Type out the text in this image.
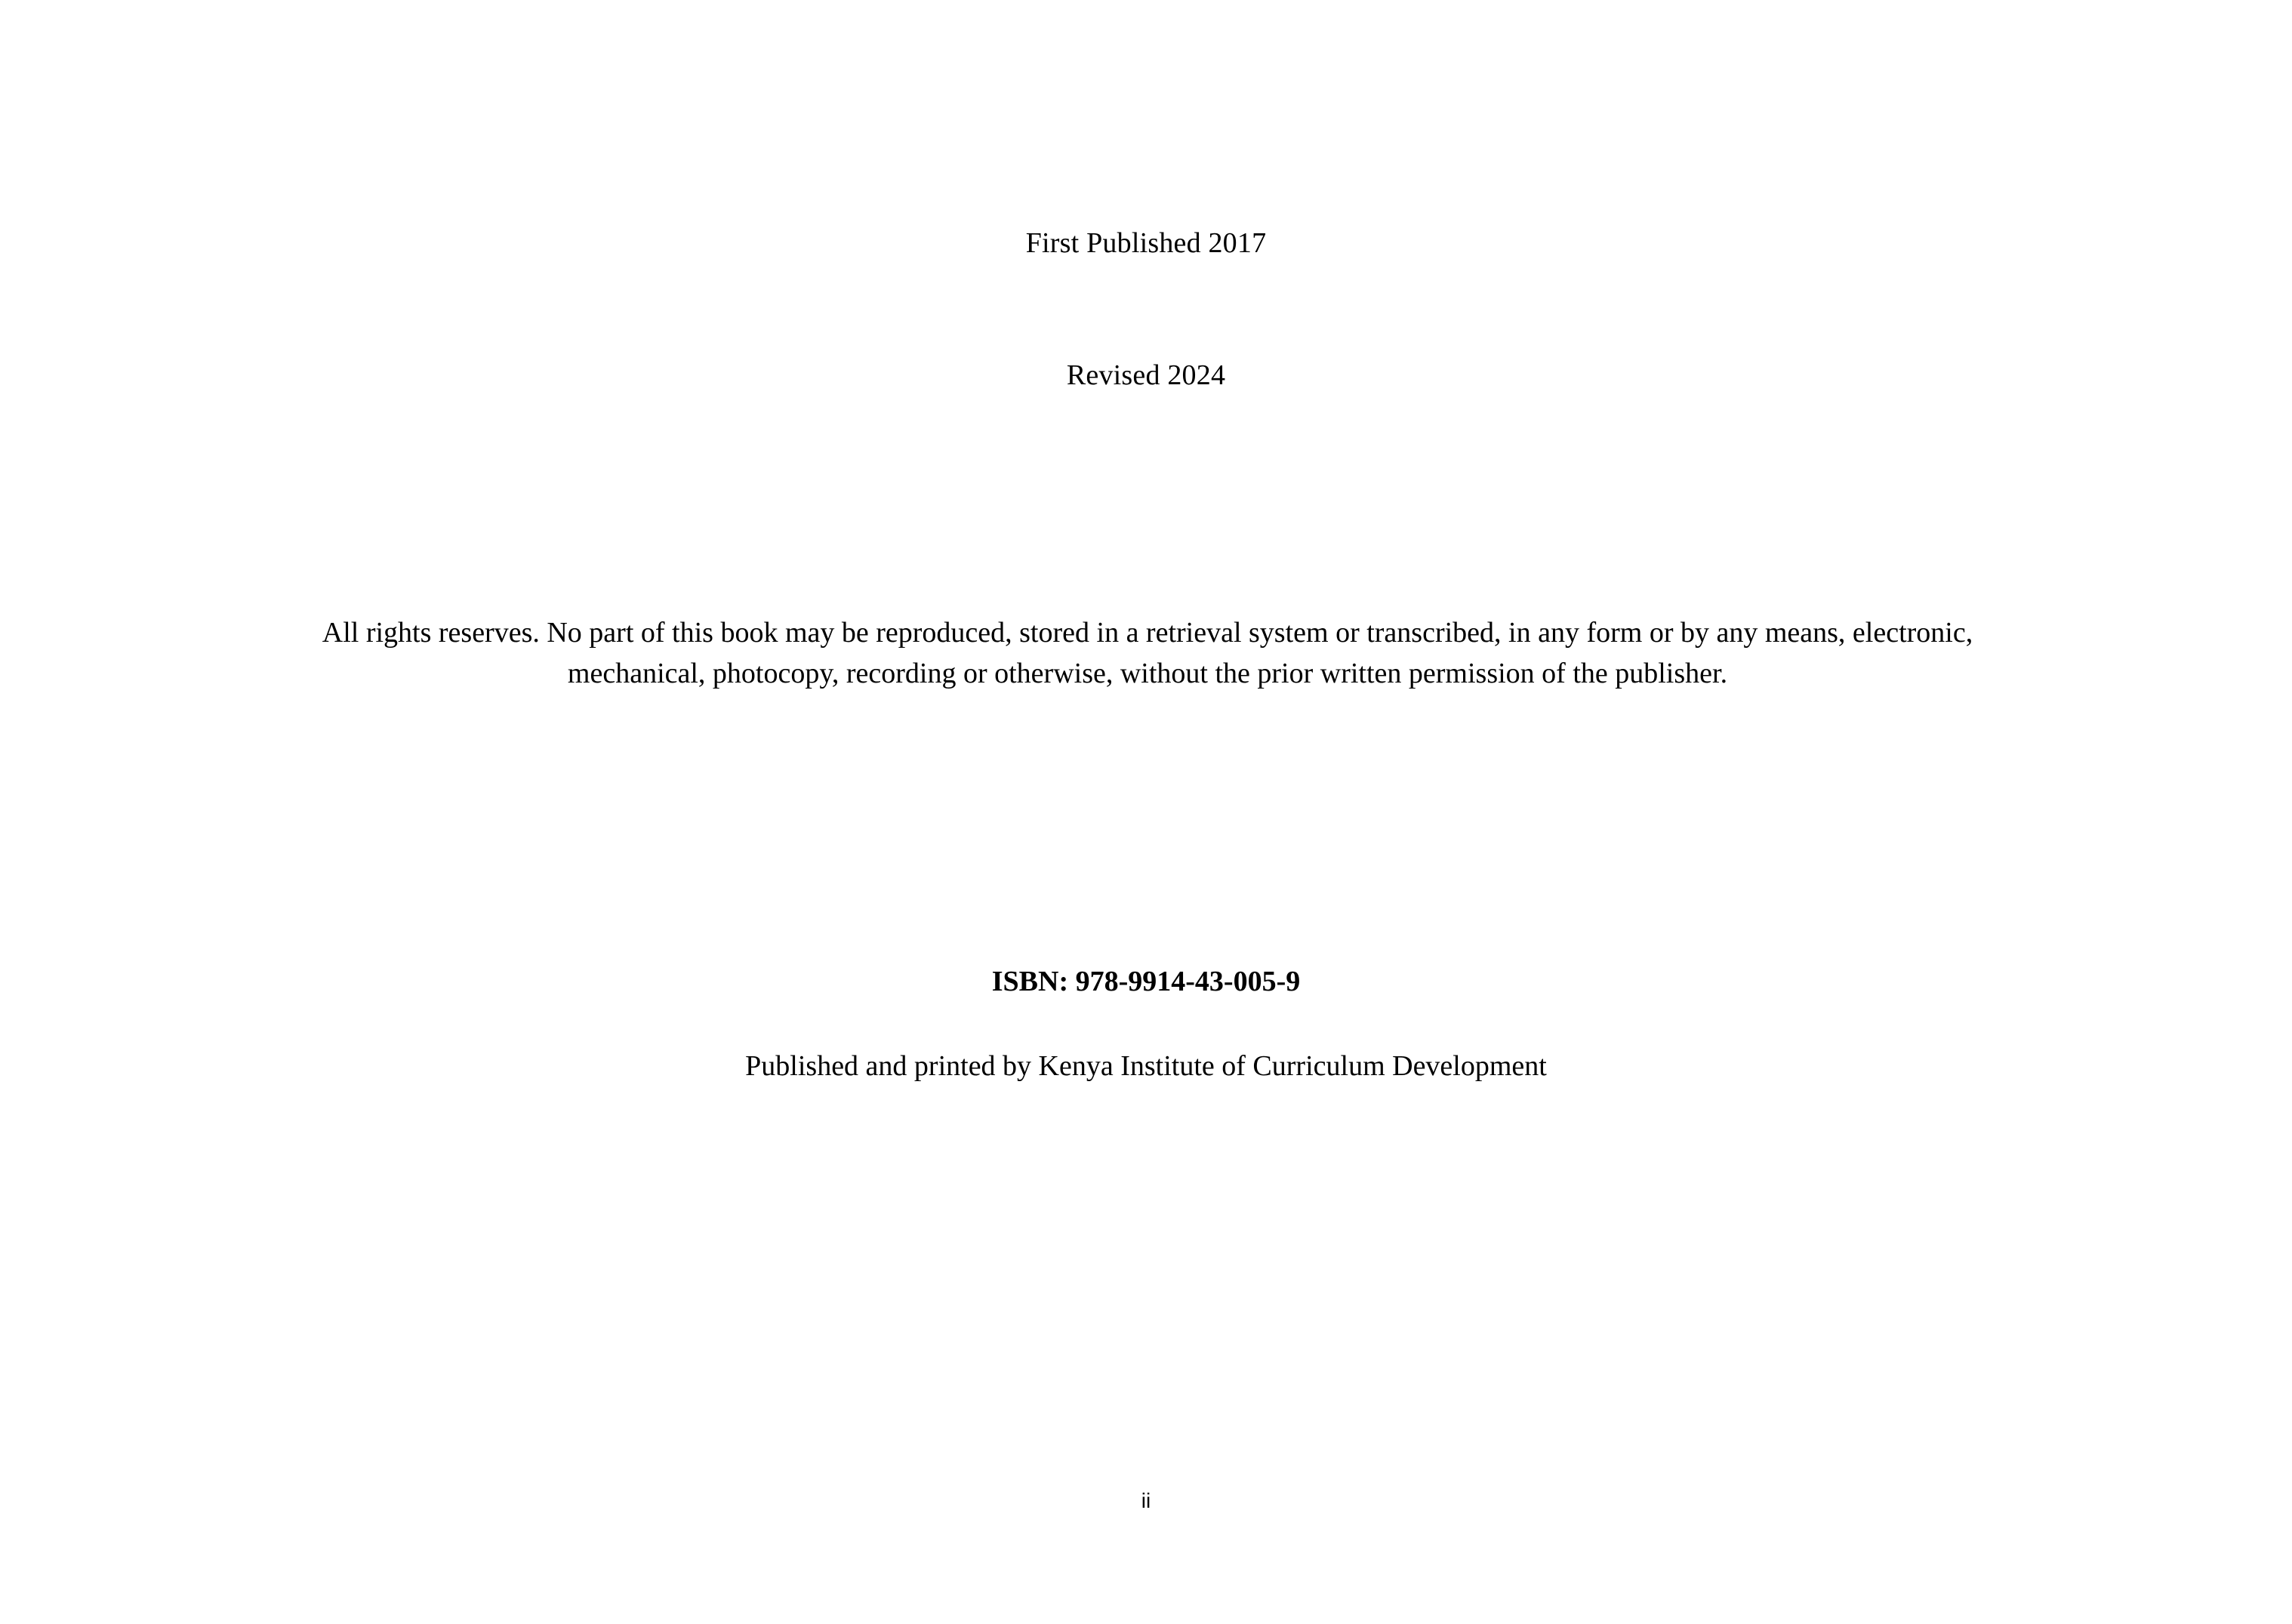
First Published 2017
Revised 2024
All rights reserves. No part of this book may be reproduced, stored in a retrieval system or transcribed, in any form or by any means, electronic, mechanical, photocopy, recording or otherwise, without the prior written permission of the publisher.
ISBN: 978-9914-43-005-9
Published and printed by Kenya Institute of Curriculum Development
ii
